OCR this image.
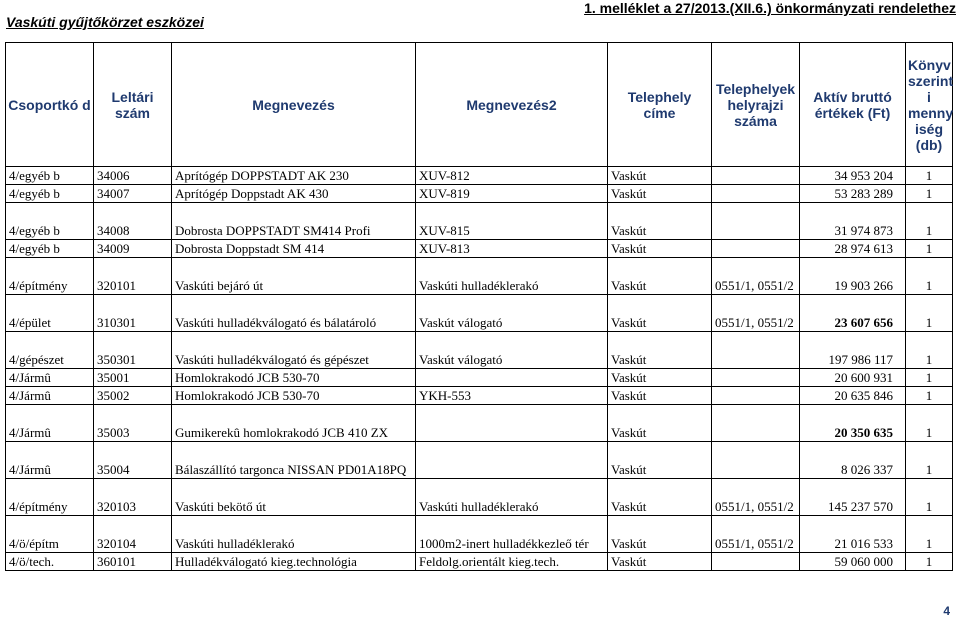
Vaskúti gyűjtőkörzet eszközei
1. melléklet a 27/2013.(XII.6.) önkormányzati rendelethez
Csoportkó d	Leltári szám	Megnevezés	Megnevezés2	Telephely címe	Telephelyek helyrajzi száma	Aktív bruttó értékek (Ft)	Könyv szerint i menny iség (db)
4/egyéb b	34006	Aprítógép DOPPSTADT AK 230	XUV-812	Vaskút		34 953 204	1
4/egyéb b	34007	Aprítógép Doppstadt AK 430	XUV-819	Vaskút		53 283 289	1
4/egyéb b	34008	Dobrosta DOPPSTADT SM414 Profi	XUV-815	Vaskút		31 974 873	1
4/egyéb b	34009	Dobrosta Doppstadt SM 414	XUV-813	Vaskút		28 974 613	1
4/építmény	320101	Vaskúti bejáró út	Vaskúti hulladéklerakó	Vaskút	0551/1, 0551/2	19 903 266	1
4/épület	310301	Vaskúti hulladékválogató és bálatároló	Vaskút válogató	Vaskút	0551/1, 0551/2	23 607 656	1
4/gépészet	350301	Vaskúti hulladékválogató és gépészet	Vaskút válogató	Vaskút		197 986 117	1
4/Jármû	35001	Homlokrakodó JCB 530-70		Vaskút		20 600 931	1
4/Jármû	35002	Homlokrakodó JCB 530-70	YKH-553	Vaskút		20 635 846	1
4/Jármû	35003	Gumikerekû homlokrakodó JCB 410 ZX		Vaskút		20 350 635	1
4/Jármû	35004	Bálaszállító targonca NISSAN PD01A18PQ		Vaskút		8 026 337	1
4/építmény	320103	Vaskúti bekötő út	Vaskúti hulladéklerakó	Vaskút	0551/1, 0551/2	145 237 570	1
4/ö/építm	320104	Vaskúti hulladéklerakó	1000m2-inert hulladékkezleő tér	Vaskút	0551/1, 0551/2	21 016 533	1
4/ö/tech.	360101	Hulladékválogató kieg.technológia	Feldolg.orientált kieg.tech.	Vaskút		59 060 000	1
4
